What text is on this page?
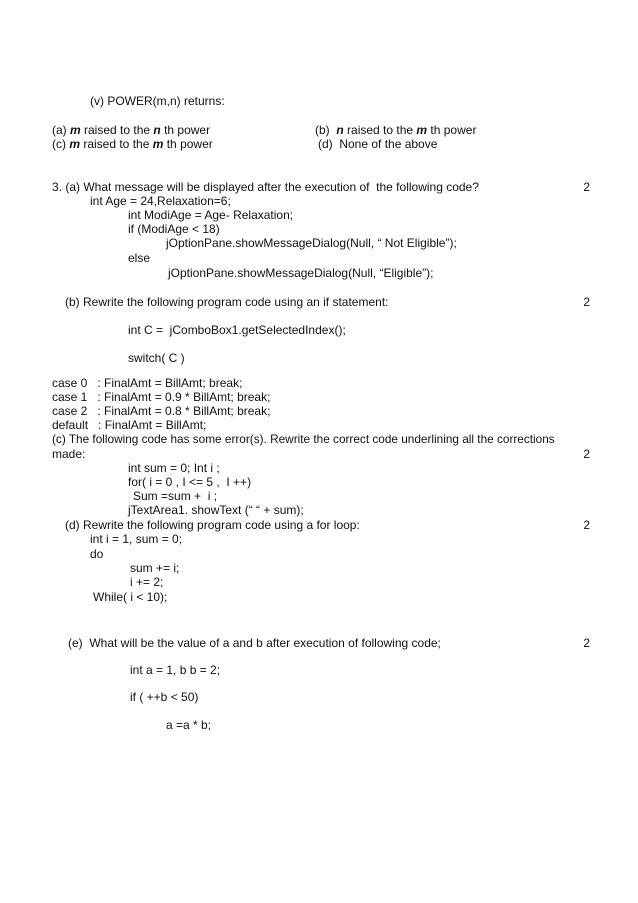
(v) POWER(m,n) returns:
(a) m raised to the n th power	(b)  n raised to the m th power
(c) m raised to the m th power	(d)  None of the above
3. (a) What message will be displayed after the execution of  the following code?	2
int Age = 24,Relaxation=6;
int ModiAge = Age- Relaxation;
if (ModiAge < 18)
jOptionPane.showMessageDialog(Null, “ Not Eligible”);
else
jOptionPane.showMessageDialog(Null, “Eligible”);
(b) Rewrite the following program code using an if statement:	2
int C =  jComboBox1.getSelectedIndex();
switch( C )
case 0   : FinalAmt = BillAmt; break;
case 1   : FinalAmt = 0.9 * BillAmt; break;
case 2   : FinalAmt = 0.8 * BillAmt; break;
default   : FinalAmt = BillAmt;
(c) The following code has some error(s). Rewrite the correct code underlining all the corrections
made:	2
int sum = 0; Int i ;
for( i = 0 , I <= 5 ,  I ++)
Sum =sum +  i ;
jTextArea1. showText (“ “ + sum);
(d) Rewrite the following program code using a for loop:	2
int i = 1, sum = 0;
do
sum += i;
i += 2;
While( i < 10);
(e)  What will be the value of a and b after execution of following code;	2
int a = 1, b b = 2;
if ( ++b < 50)
a =a * b;
